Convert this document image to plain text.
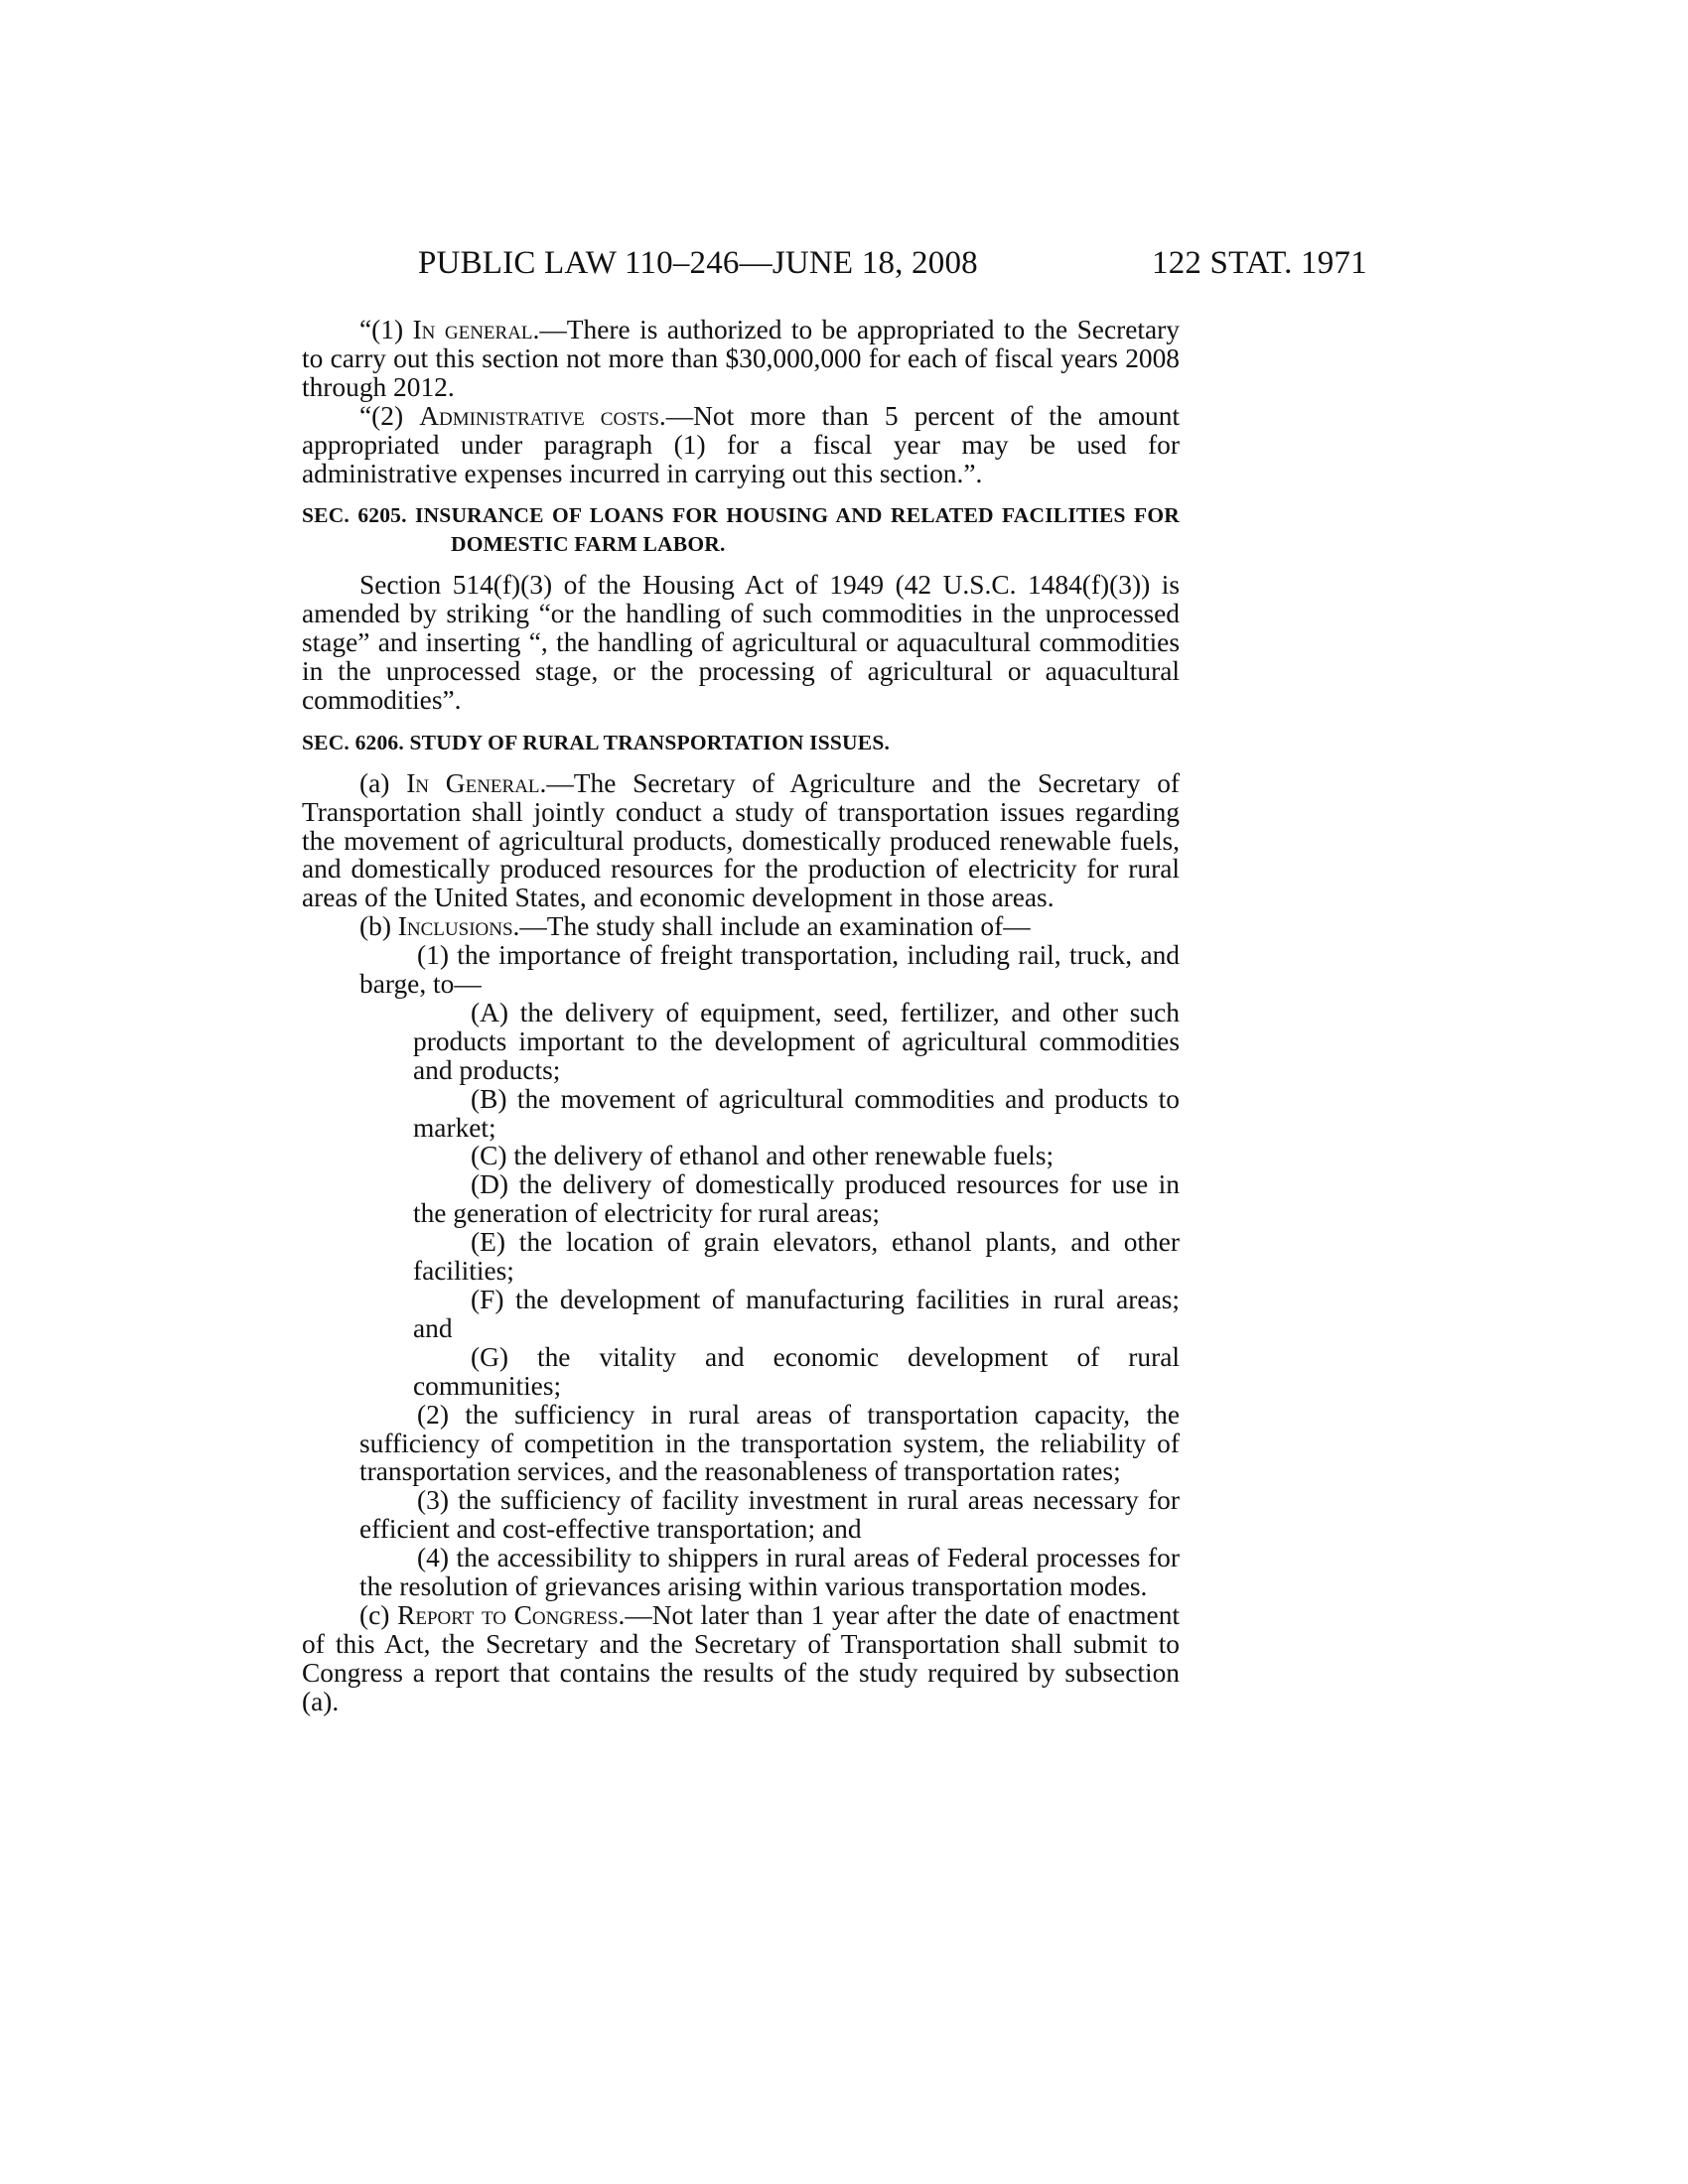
PUBLIC LAW 110–246—JUNE 18, 2008	122 STAT. 1971

“(1) In general.—There is authorized to be appropriated to the Secretary to carry out this section not more than $30,000,000 for each of fiscal years 2008 through 2012.

“(2) Administrative costs.—Not more than 5 percent of the amount appropriated under paragraph (1) for a fiscal year may be used for administrative expenses incurred in carrying out this section.”.

SEC. 6205. INSURANCE OF LOANS FOR HOUSING AND RELATED FACILITIES FOR DOMESTIC FARM LABOR.

Section 514(f)(3) of the Housing Act of 1949 (42 U.S.C. 1484(f)(3)) is amended by striking “or the handling of such commodities in the unprocessed stage” and inserting “, the handling of agricultural or aquacultural commodities in the unprocessed stage, or the processing of agricultural or aquacultural commodities”.

SEC. 6206. STUDY OF RURAL TRANSPORTATION ISSUES.

(a) In General.—The Secretary of Agriculture and the Secretary of Transportation shall jointly conduct a study of transportation issues regarding the movement of agricultural products, domestically produced renewable fuels, and domestically produced resources for the production of electricity for rural areas of the United States, and economic development in those areas.

(b) Inclusions.—The study shall include an examination of—

(1) the importance of freight transportation, including rail, truck, and barge, to—

(A) the delivery of equipment, seed, fertilizer, and other such products important to the development of agricultural commodities and products;

(B) the movement of agricultural commodities and products to market;

(C) the delivery of ethanol and other renewable fuels;

(D) the delivery of domestically produced resources for use in the generation of electricity for rural areas;

(E) the location of grain elevators, ethanol plants, and other facilities;

(F) the development of manufacturing facilities in rural areas; and

(G) the vitality and economic development of rural communities;

(2) the sufficiency in rural areas of transportation capacity, the sufficiency of competition in the transportation system, the reliability of transportation services, and the reasonableness of transportation rates;

(3) the sufficiency of facility investment in rural areas necessary for efficient and cost-effective transportation; and

(4) the accessibility to shippers in rural areas of Federal processes for the resolution of grievances arising within various transportation modes.

(c) Report to Congress.—Not later than 1 year after the date of enactment of this Act, the Secretary and the Secretary of Transportation shall submit to Congress a report that contains the results of the study required by subsection (a).
